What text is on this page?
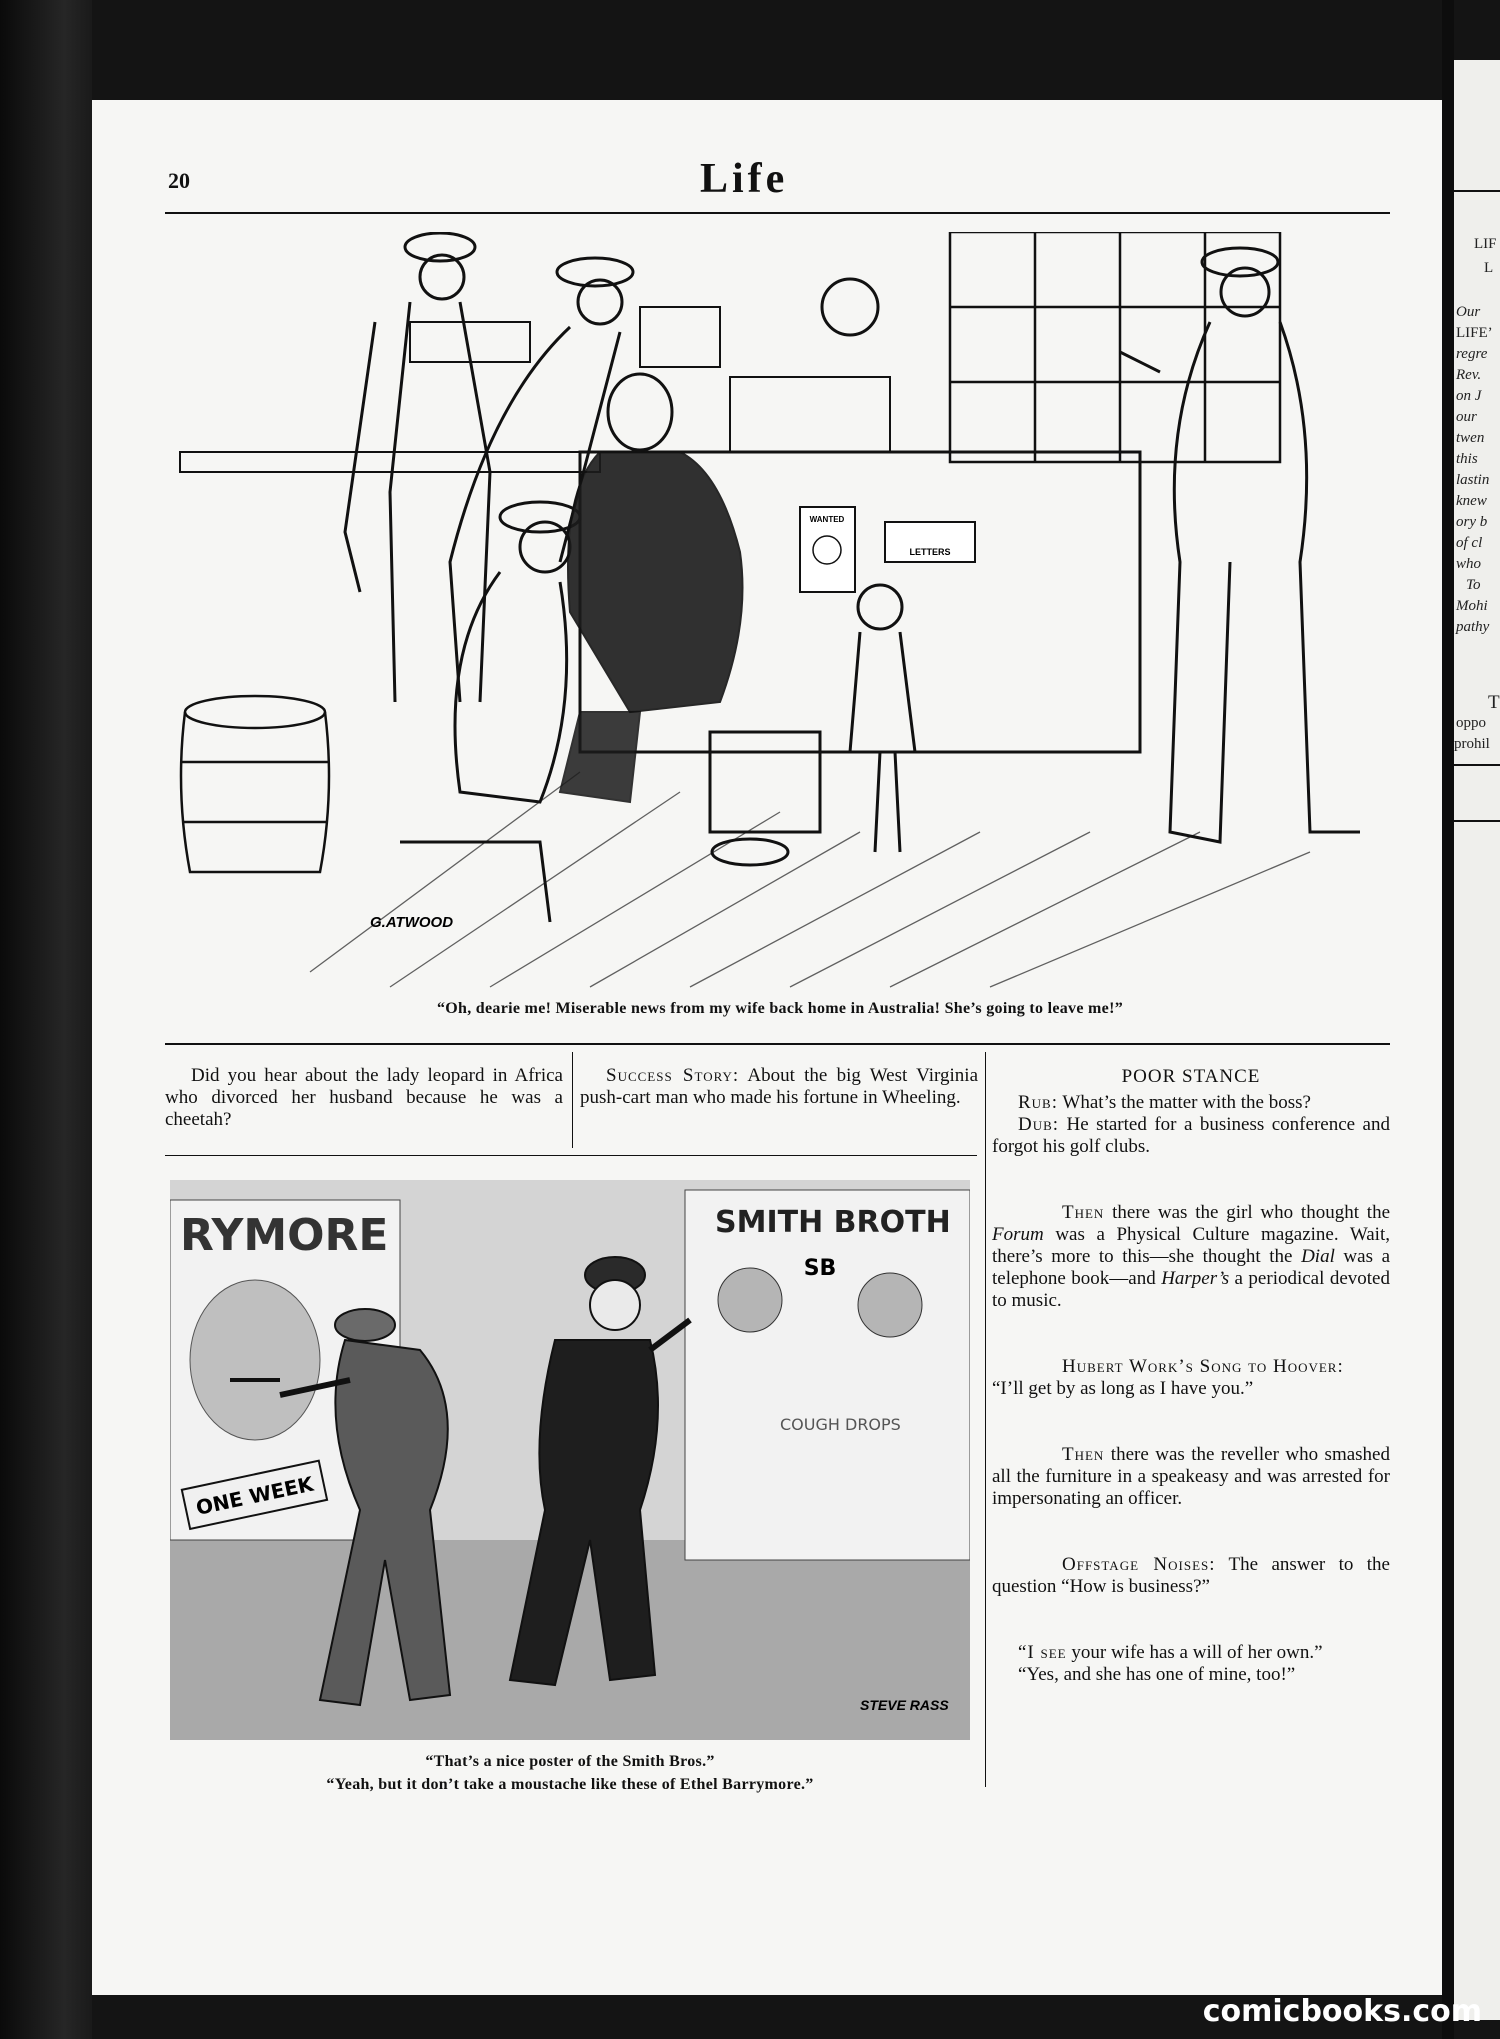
20	Life
WANTED
LETTERS
G.ATWOOD
“Oh, dearie me! Miserable news from my wife back home in Australia! She’s going to leave me!”

Did you hear about the lady leopard in Africa who divorced her husband because he was a cheetah?

Success Story: About the big West Virginia push-cart man who made his fortune in Wheeling.

RYMORE
ONE WEEK
SMITH BROTH
SB
COUGH DROPS
STEVE RASS
“That’s a nice poster of the Smith Bros.”
“Yeah, but it don’t take a moustache like these of Ethel Barrymore.”
POOR STANCE

Rub: What’s the matter with the boss?

Dub: He started for a business conference and forgot his golf clubs.

Then there was the girl who thought the Forum was a Physical Culture magazine. Wait, there’s more to this—she thought the Dial was a telephone book—and Harper’s a periodical devoted to music.

Hubert Work’s Song to Hoover:

“I’ll get by as long as I have you.”

Then there was the reveller who smashed all the furniture in a speakeasy and was arrested for impersonating an officer.

Offstage Noises: The answer to the question “How is business?”

“I see your wife has a will of her own.”

“Yes, and she has one of mine, too!”

LIF
L
Our
LIFE’
regre
Rev.
on J
our
twen
this
lastin
knew
ory b
of cl
who
To
Mohi
pathy
T
oppo
prohil
comicbooks.com
